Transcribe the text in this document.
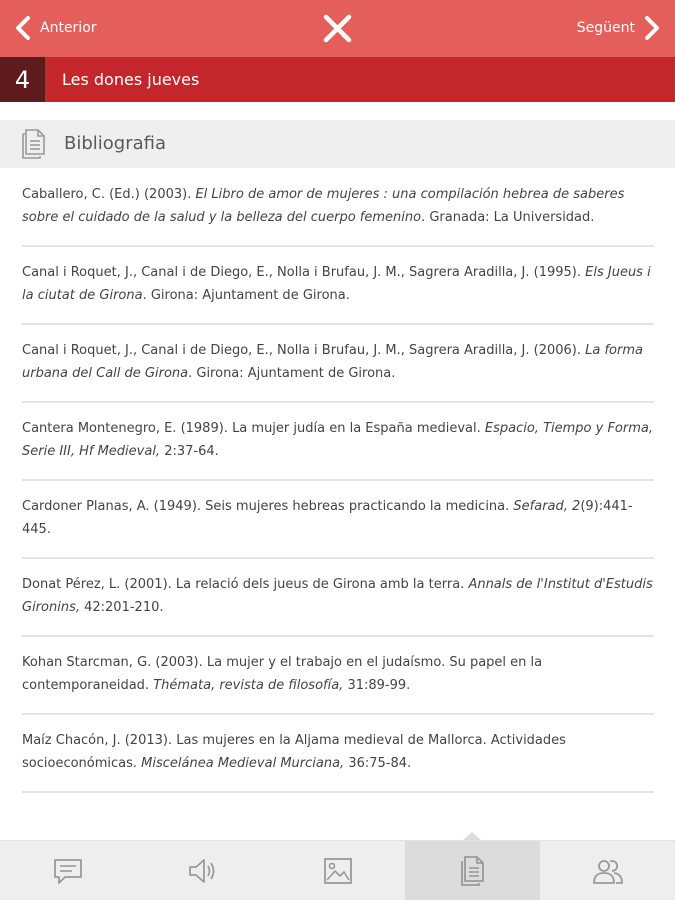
Anterior	Següent
4	Les dones jueves
Bibliografia
Caballero, C. (Ed.) (2003). El Libro de amor de mujeres : una compilación hebrea de saberes sobre el cuidado de la salud y la belleza del cuerpo femenino. Granada: La Universidad.
Canal i Roquet, J., Canal i de Diego, E., Nolla i Brufau, J. M., Sagrera Aradilla, J. (1995). Els Jueus i la ciutat de Girona. Girona: Ajuntament de Girona.
Canal i Roquet, J., Canal i de Diego, E., Nolla i Brufau, J. M., Sagrera Aradilla, J. (2006). La forma urbana del Call de Girona. Girona: Ajuntament de Girona.
Cantera Montenegro, E. (1989). La mujer judía en la España medieval. Espacio, Tiempo y Forma, Serie III, Hf Medieval, 2:37-64.
Cardoner Planas, A. (1949). Seis mujeres hebreas practicando la medicina. Sefarad, 2(9):441-445.
Donat Pérez, L. (2001). La relació dels jueus de Girona amb la terra. Annals de l'Institut d'Estudis Gironins, 42:201-210.
Kohan Starcman, G. (2003). La mujer y el trabajo en el judaísmo. Su papel en la contemporaneidad. Thémata, revista de filosofía, 31:89-99.
Maíz Chacón, J. (2013). Las mujeres en la Aljama medieval de Mallorca. Actividades socioeconómicas. Miscelánea Medieval Murciana, 36:75-84.
